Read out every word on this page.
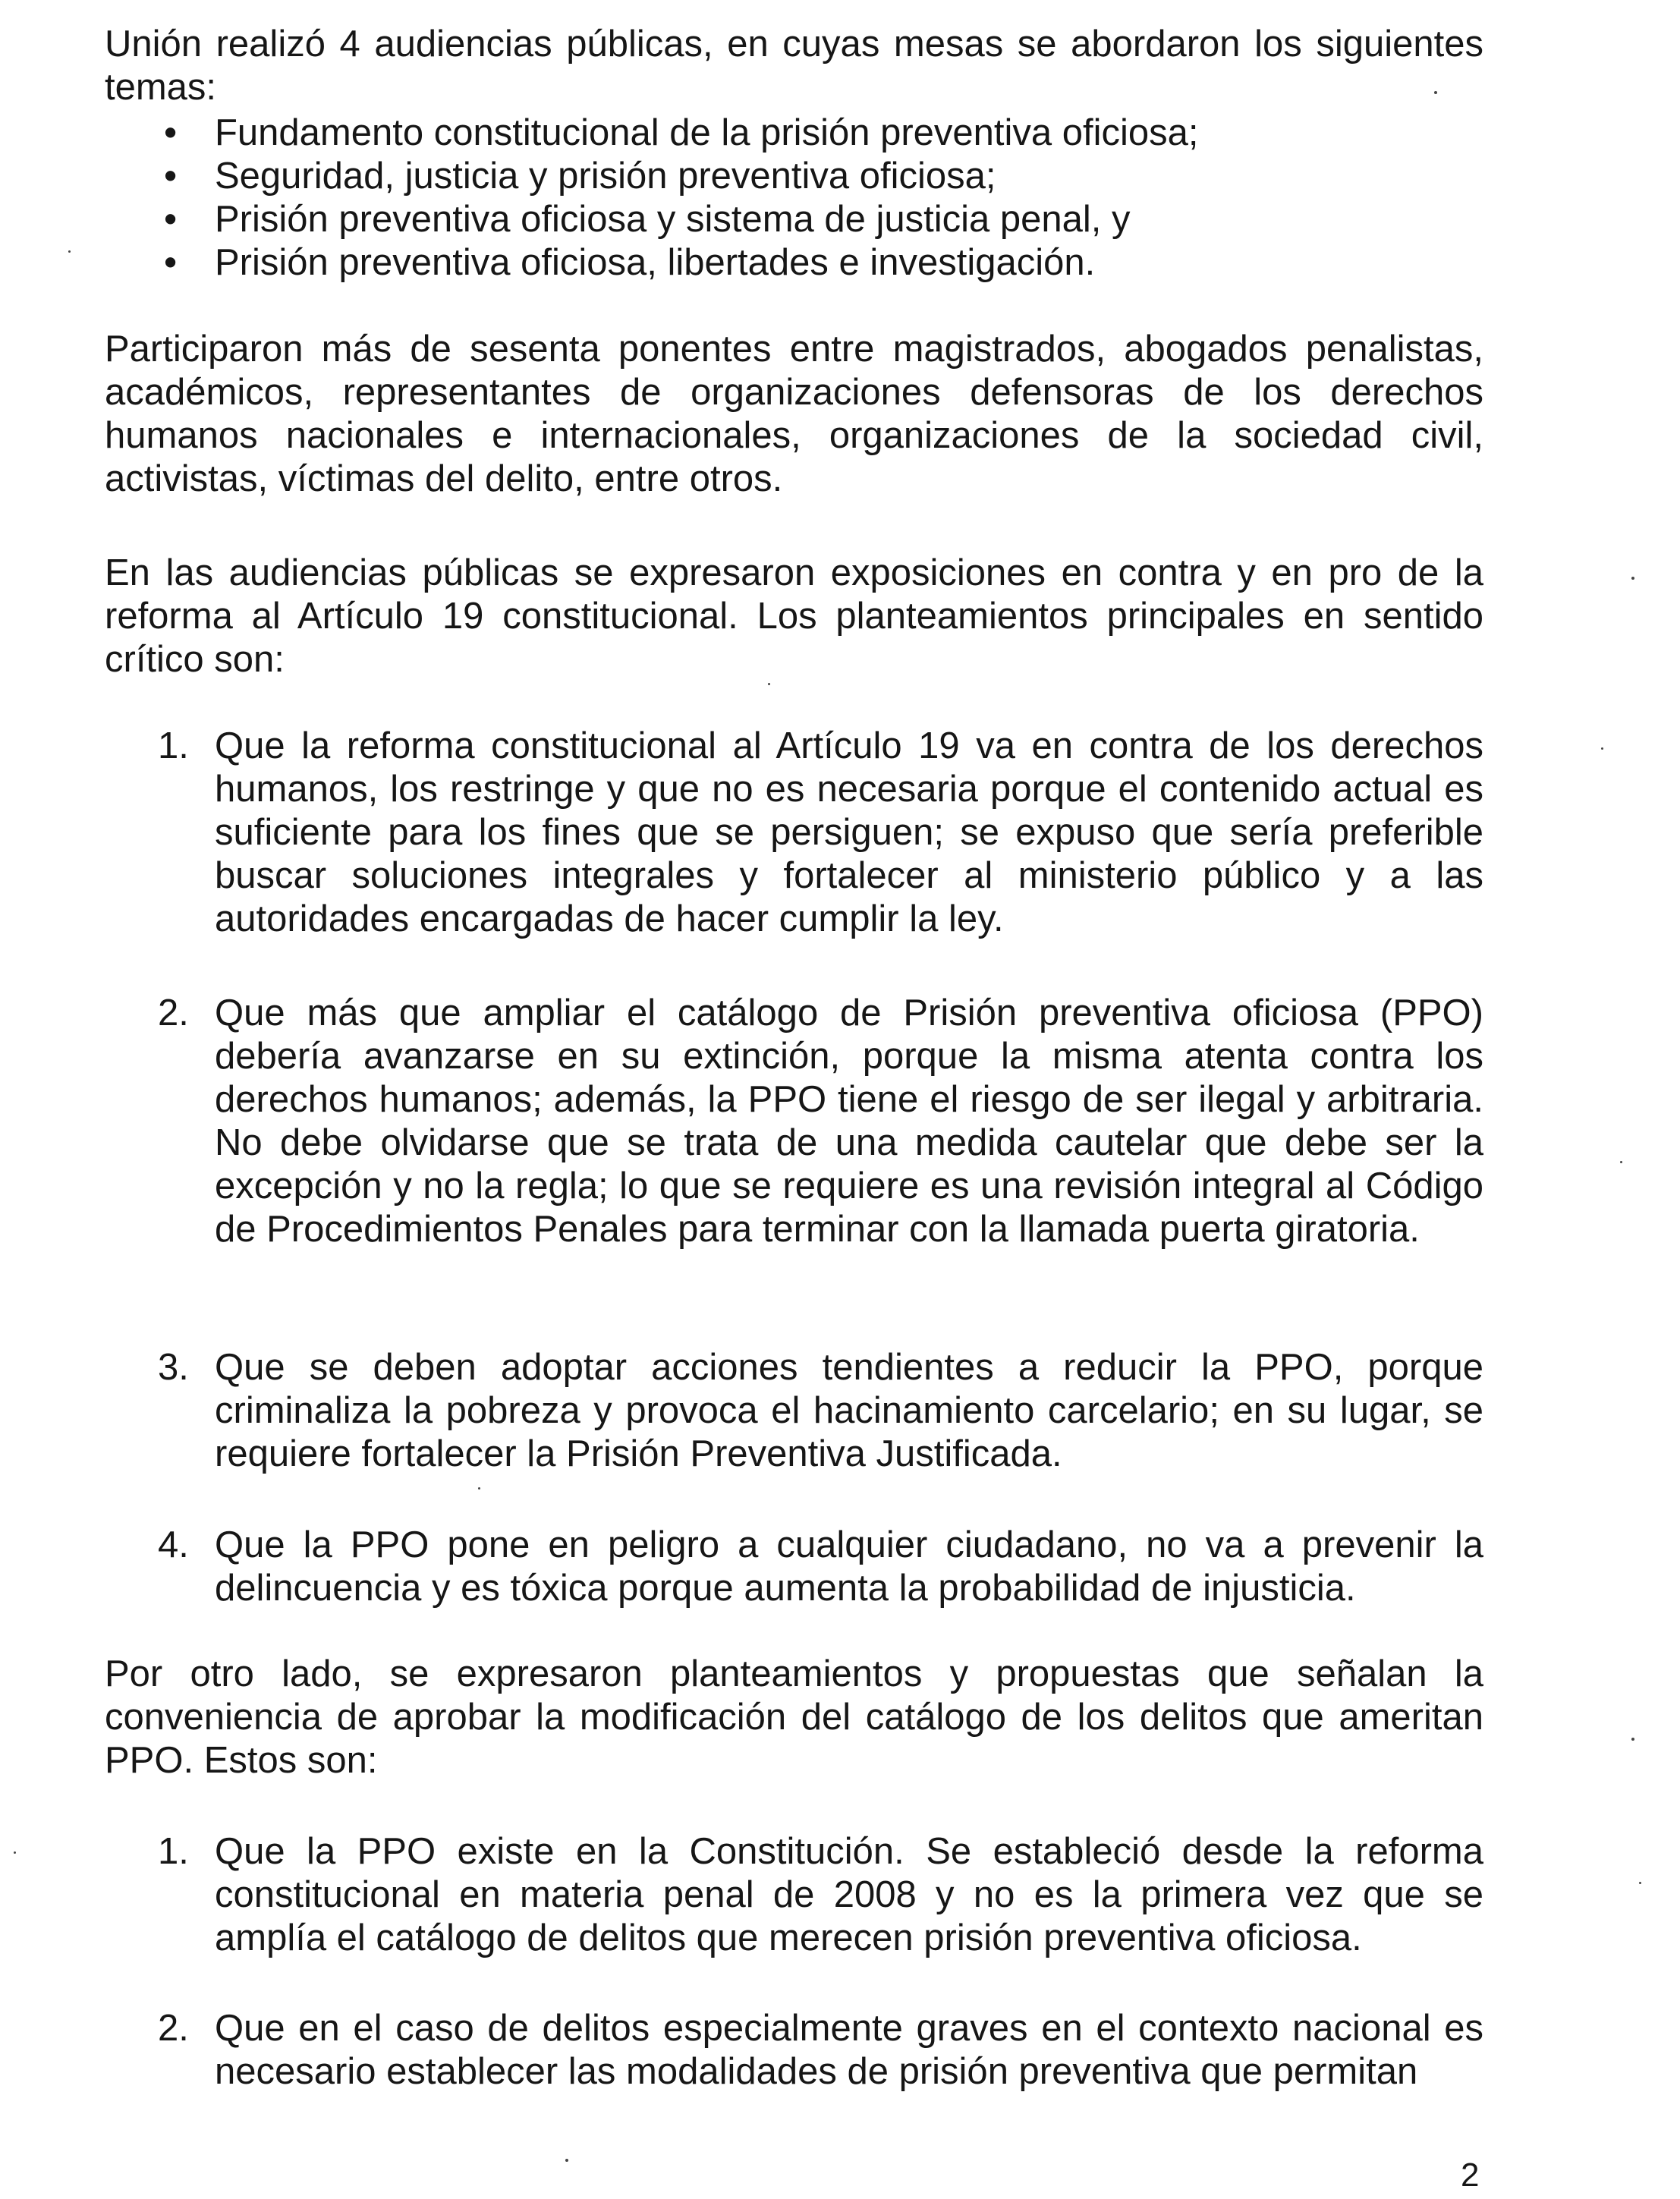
Unión realizó 4 audiencias públicas, en cuyas mesas se abordaron los siguientes temas:

• Fundamento constitucional de la prisión preventiva oficiosa;
• Seguridad, justicia y prisión preventiva oficiosa;
• Prisión preventiva oficiosa y sistema de justicia penal, y
• Prisión preventiva oficiosa, libertades e investigación.

Participaron más de sesenta ponentes entre magistrados, abogados penalistas, académicos, representantes de organizaciones defensoras de los derechos humanos nacionales e internacionales, organizaciones de la sociedad civil, activistas, víctimas del delito, entre otros.

En las audiencias públicas se expresaron exposiciones en contra y en pro de la reforma al Artículo 19 constitucional. Los planteamientos principales en sentido crítico son:

1. Que la reforma constitucional al Artículo 19 va en contra de los derechos humanos, los restringe y que no es necesaria porque el contenido actual es suficiente para los fines que se persiguen; se expuso que sería preferible buscar soluciones integrales y fortalecer al ministerio público y a las autoridades encargadas de hacer cumplir la ley.
2. Que más que ampliar el catálogo de Prisión preventiva oficiosa (PPO) debería avanzarse en su extinción, porque la misma atenta contra los derechos humanos; además, la PPO tiene el riesgo de ser ilegal y arbitraria. No debe olvidarse que se trata de una medida cautelar que debe ser la excepción y no la regla; lo que se requiere es una revisión integral al Código de Procedimientos Penales para terminar con la llamada puerta giratoria.
3. Que se deben adoptar acciones tendientes a reducir la PPO, porque criminaliza la pobreza y provoca el hacinamiento carcelario; en su lugar, se requiere fortalecer la Prisión Preventiva Justificada.
4. Que la PPO pone en peligro a cualquier ciudadano, no va a prevenir la delincuencia y es tóxica porque aumenta la probabilidad de injusticia.

Por otro lado, se expresaron planteamientos y propuestas que señalan la conveniencia de aprobar la modificación del catálogo de los delitos que ameritan PPO. Estos son:

1. Que la PPO existe en la Constitución. Se estableció desde la reforma constitucional en materia penal de 2008 y no es la primera vez que se amplía el catálogo de delitos que merecen prisión preventiva oficiosa.
2. Que en el caso de delitos especialmente graves en el contexto nacional es necesario establecer las modalidades de prisión preventiva que permitan
2
